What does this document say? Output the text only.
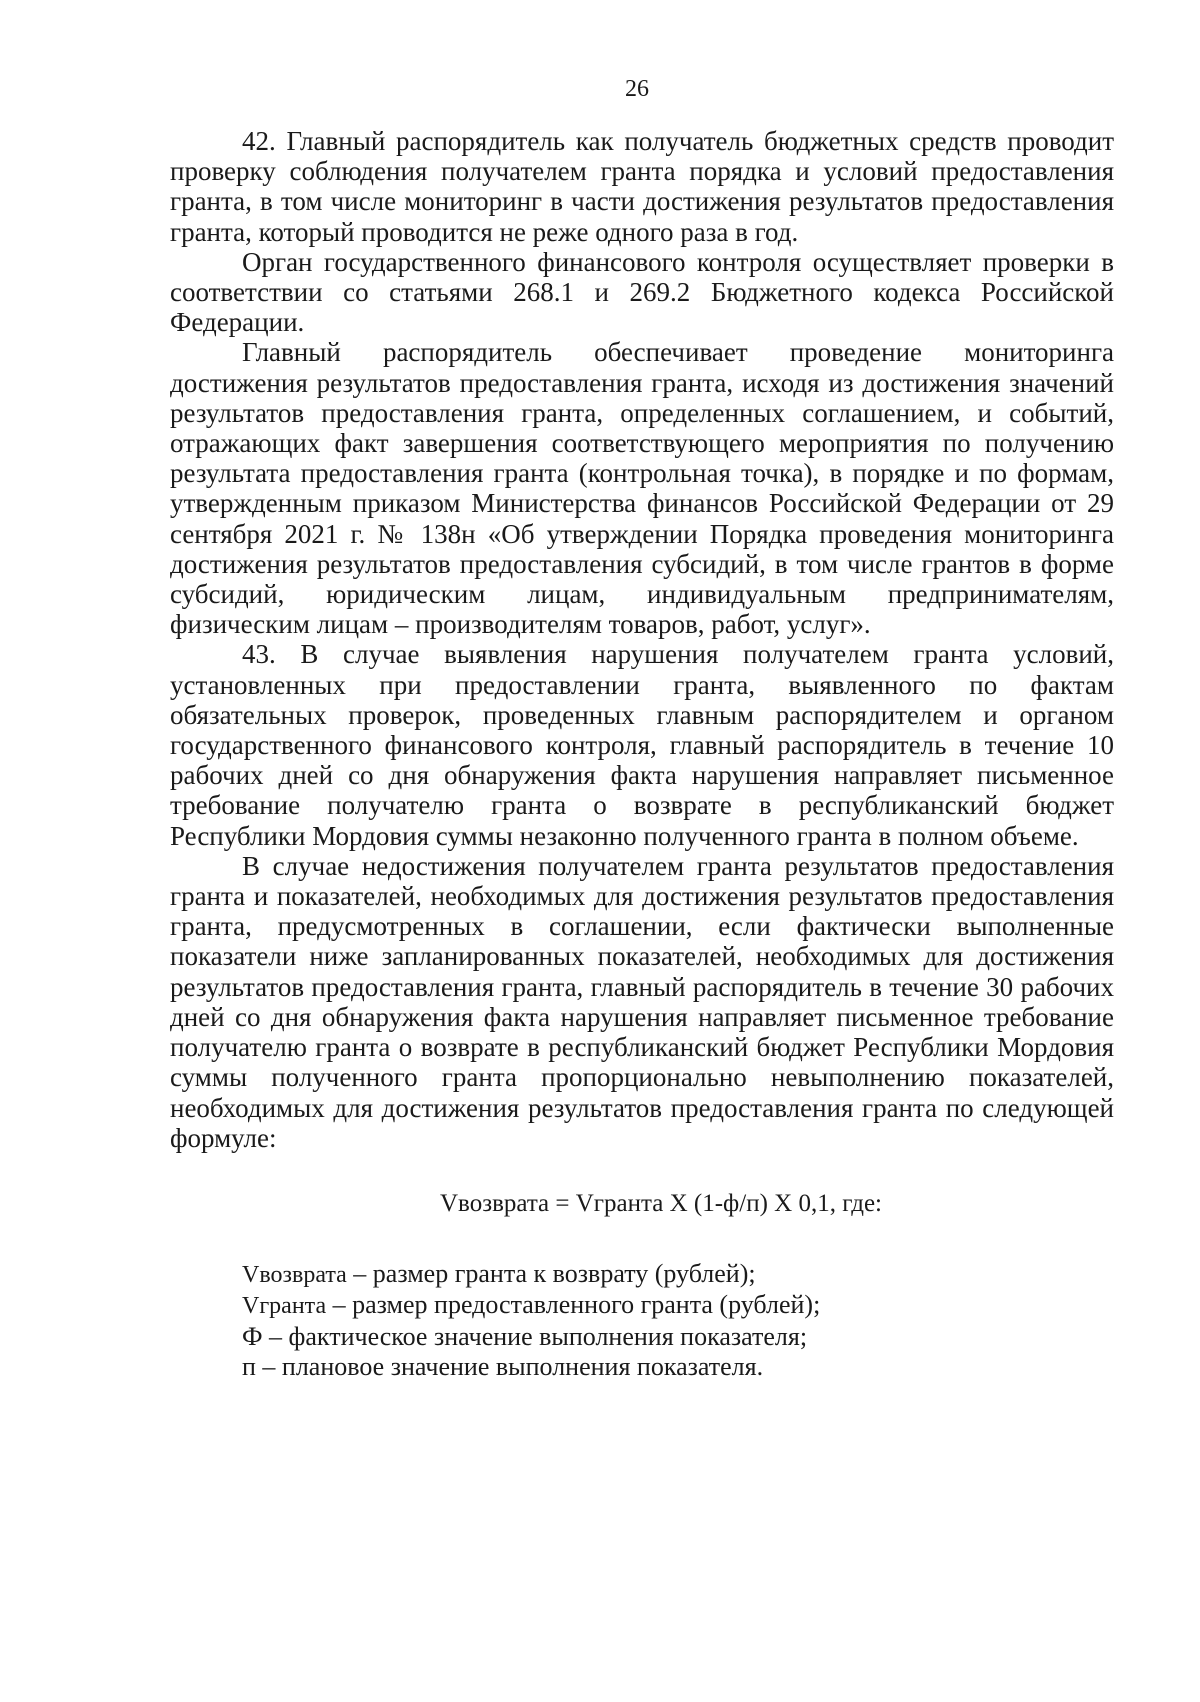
26

42. Главный распорядитель как получатель бюджетных средств проводит проверку соблюдения получателем гранта порядка и условий предоставления гранта, в том числе мониторинг в части достижения результатов предоставления гранта, который проводится не реже одного раза в год.

Орган государственного финансового контроля осуществляет проверки в соответствии со статьями 268.1 и 269.2 Бюджетного кодекса Российской Федерации.

Главный распорядитель обеспечивает проведение мониторинга достижения результатов предоставления гранта, исходя из достижения значений результатов предоставления гранта, определенных соглашением, и событий, отражающих факт завершения соответствующего мероприятия по получению результата предоставления гранта (контрольная точка), в порядке и по формам, утвержденным приказом Министерства финансов Российской Федерации от 29 сентября 2021 г. № 138н «Об утверждении Порядка проведения мониторинга достижения результатов предоставления субсидий, в том числе грантов в форме субсидий, юридическим лицам, индивидуальным предпринимателям, физическим лицам – производителям товаров, работ, услуг».

43. В случае выявления нарушения получателем гранта условий, установленных при предоставлении гранта, выявленного по фактам обязательных проверок, проведенных главным распорядителем и органом государственного финансового контроля, главный распорядитель в течение 10 рабочих дней со дня обнаружения факта нарушения направляет письменное требование получателю гранта о возврате в республиканский бюджет Республики Мордовия суммы незаконно полученного гранта в полном объеме.

В случае недостижения получателем гранта результатов предоставления гранта и показателей, необходимых для достижения результатов предоставления гранта, предусмотренных в соглашении, если фактически выполненные показатели ниже запланированных показателей, необходимых для достижения результатов предоставления гранта, главный распорядитель в течение 30 рабочих дней со дня обнаружения факта нарушения направляет письменное требование получателю гранта о возврате в республиканский бюджет Республики Мордовия суммы полученного гранта пропорционально невыполнению показателей, необходимых для достижения результатов предоставления гранта по следующей формуле:

Vвозврата = Vгранта X (1-ф/п) X 0,1, где:
Vвозврата – размер гранта к возврату (рублей);
Vгранта – размер предоставленного гранта (рублей);
Ф – фактическое значение выполнения показателя;
п – плановое значение выполнения показателя.
